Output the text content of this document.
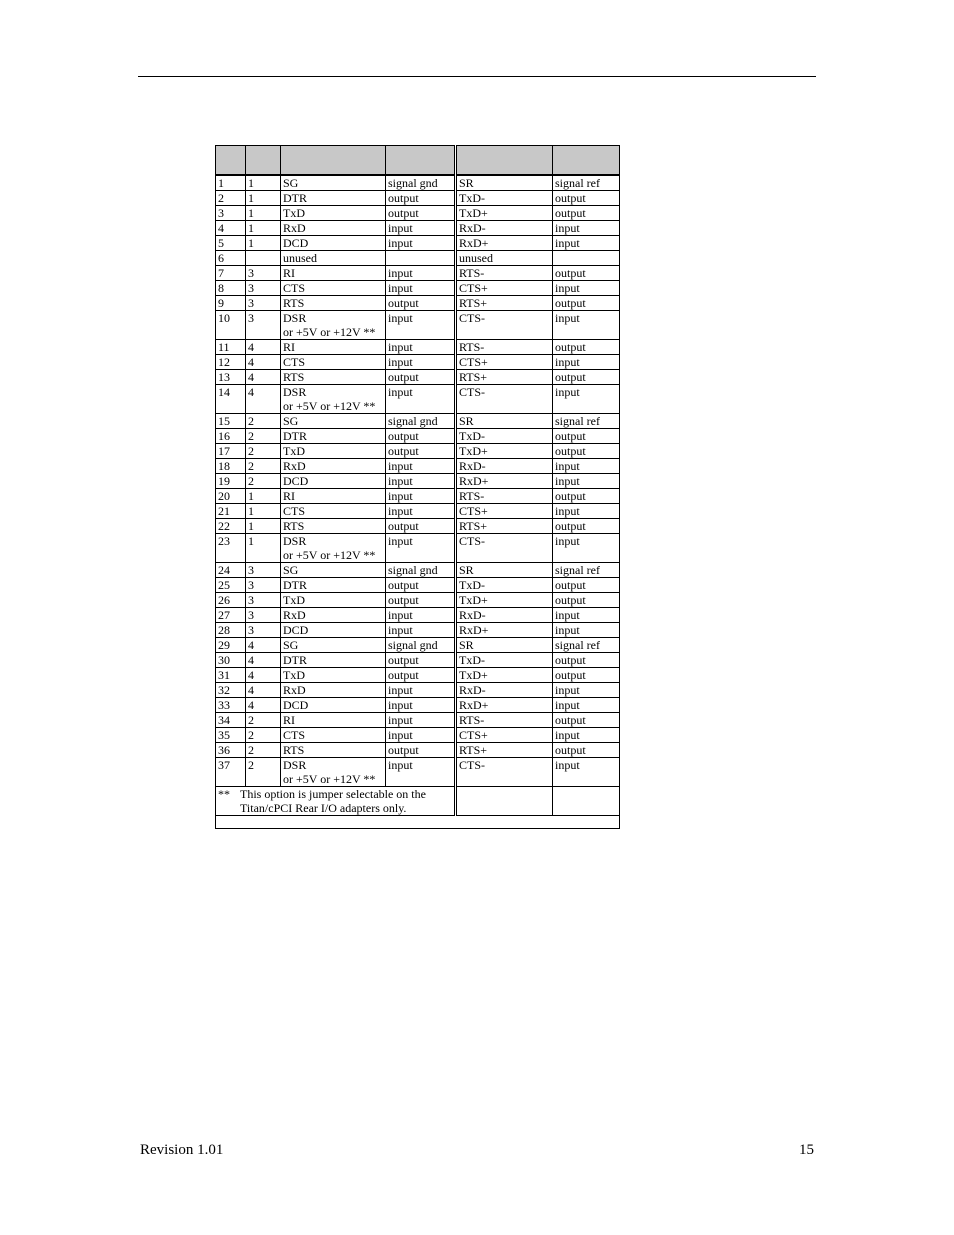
1	1	SG	signal gnd	SR	signal ref
2	1	DTR	output	TxD-	output
3	1	TxD	output	TxD+	output
4	1	RxD	input	RxD-	input
5	1	DCD	input	RxD+	input
6		unused		unused	
7	3	RI	input	RTS-	output
8	3	CTS	input	CTS+	input
9	3	RTS	output	RTS+	output
10	3	DSR
or +5V or +12V **	input	CTS-	input
11	4	RI	input	RTS-	output
12	4	CTS	input	CTS+	input
13	4	RTS	output	RTS+	output
14	4	DSR
or +5V or +12V **	input	CTS-	input
15	2	SG	signal gnd	SR	signal ref
16	2	DTR	output	TxD-	output
17	2	TxD	output	TxD+	output
18	2	RxD	input	RxD-	input
19	2	DCD	input	RxD+	input
20	1	RI	input	RTS-	output
21	1	CTS	input	CTS+	input
22	1	RTS	output	RTS+	output
23	1	DSR
or +5V or +12V **	input	CTS-	input
24	3	SG	signal gnd	SR	signal ref
25	3	DTR	output	TxD-	output
26	3	TxD	output	TxD+	output
27	3	RxD	input	RxD-	input
28	3	DCD	input	RxD+	input
29	4	SG	signal gnd	SR	signal ref
30	4	DTR	output	TxD-	output
31	4	TxD	output	TxD+	output
32	4	RxD	input	RxD-	input
33	4	DCD	input	RxD+	input
34	2	RI	input	RTS-	output
35	2	CTS	input	CTS+	input
36	2	RTS	output	RTS+	output
37	2	DSR
or +5V or +12V **	input	CTS-	input
** This option is jumper selectable on the Titan/cPCI Rear I/O adapters only.					

Revision 1.01	15
